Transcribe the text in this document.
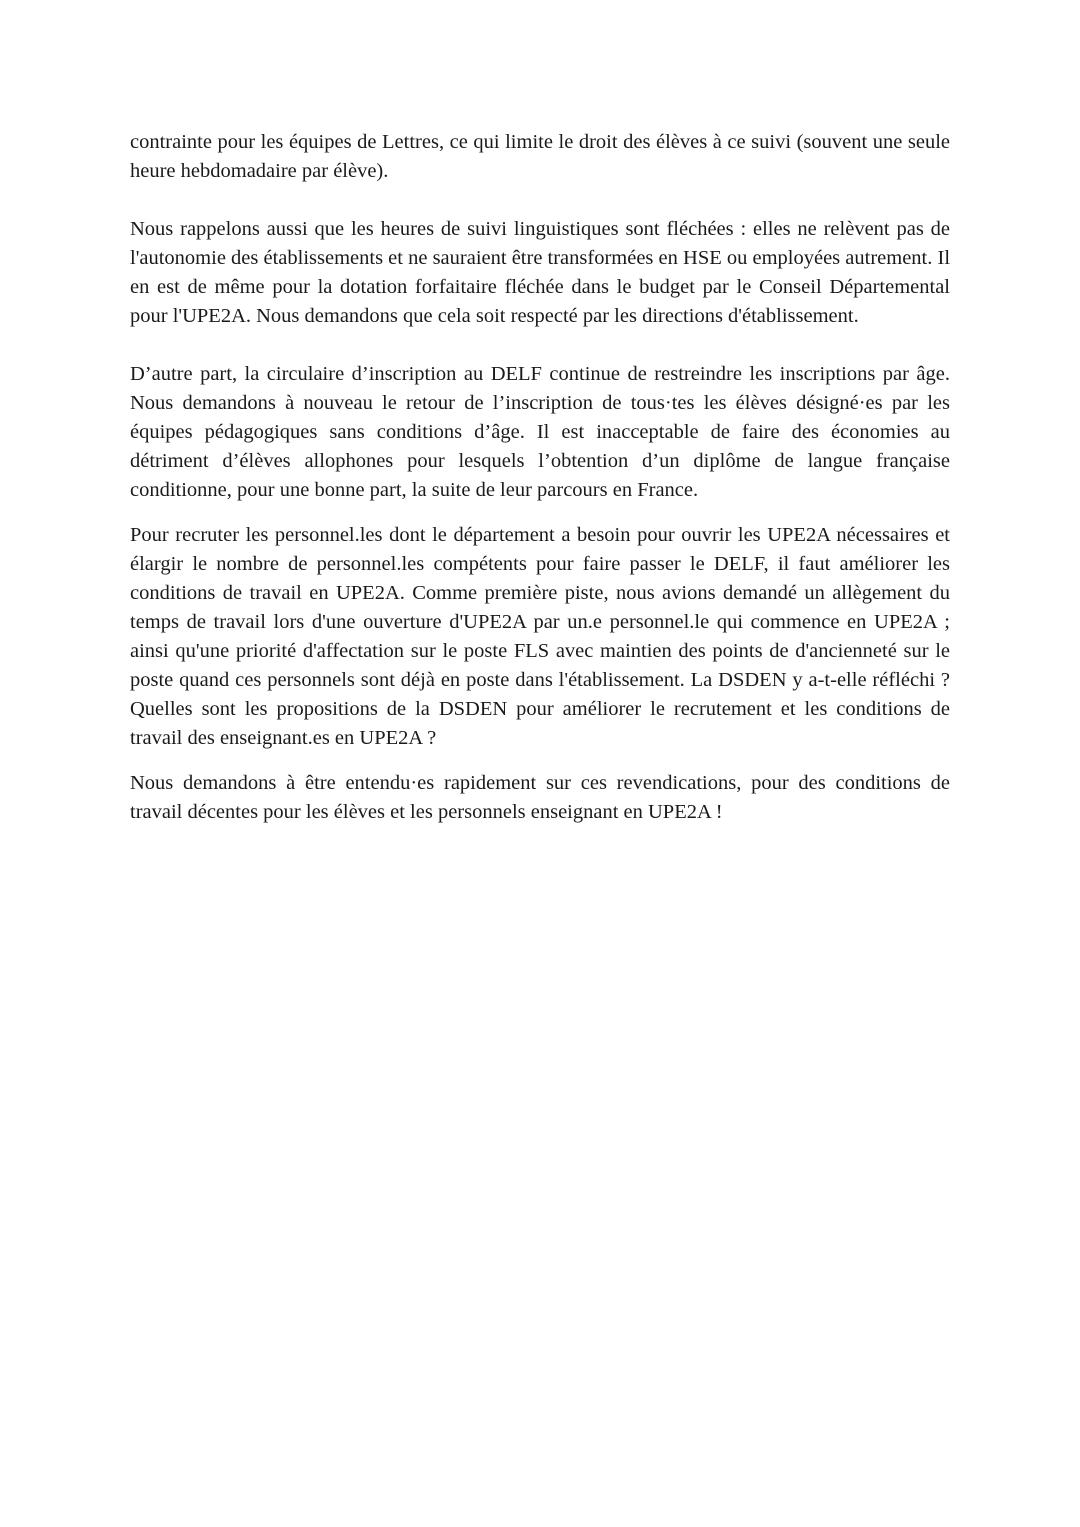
contrainte pour les équipes de Lettres, ce qui limite le droit des élèves à ce suivi (souvent une seule heure hebdomadaire par élève).

Nous rappelons aussi que les heures de suivi linguistiques sont fléchées : elles ne relèvent pas de l'autonomie des établissements et ne sauraient être transformées en HSE ou employées autrement. Il en est de même pour la dotation forfaitaire fléchée dans le budget par le Conseil Départemental pour l'UPE2A. Nous demandons que cela soit respecté par les directions d'établissement.

D’autre part, la circulaire d’inscription au DELF continue de restreindre les inscriptions par âge. Nous demandons à nouveau le retour de l’inscription de tous·tes les élèves désigné·es par les équipes pédagogiques sans conditions d’âge. Il est inacceptable de faire des économies au détriment d’élèves allophones pour lesquels l’obtention d’un diplôme de langue française conditionne, pour une bonne part, la suite de leur parcours en France.

Pour recruter les personnel.les dont le département a besoin pour ouvrir les UPE2A nécessaires et élargir le nombre de personnel.les compétents pour faire passer le DELF, il faut améliorer les conditions de travail en UPE2A. Comme première piste, nous avions demandé un allègement du temps de travail lors d'une ouverture d'UPE2A par un.e personnel.le qui commence en UPE2A ; ainsi qu'une priorité d'affectation sur le poste FLS avec maintien des points de d'ancienneté sur le poste quand ces personnels sont déjà en poste dans l'établissement. La DSDEN y a-t-elle réfléchi ? Quelles sont les propositions de la DSDEN pour améliorer le recrutement et les conditions de travail des enseignant.es en UPE2A ?

Nous demandons à être entendu·es rapidement sur ces revendications, pour des conditions de travail décentes pour les élèves et les personnels enseignant en UPE2A !
